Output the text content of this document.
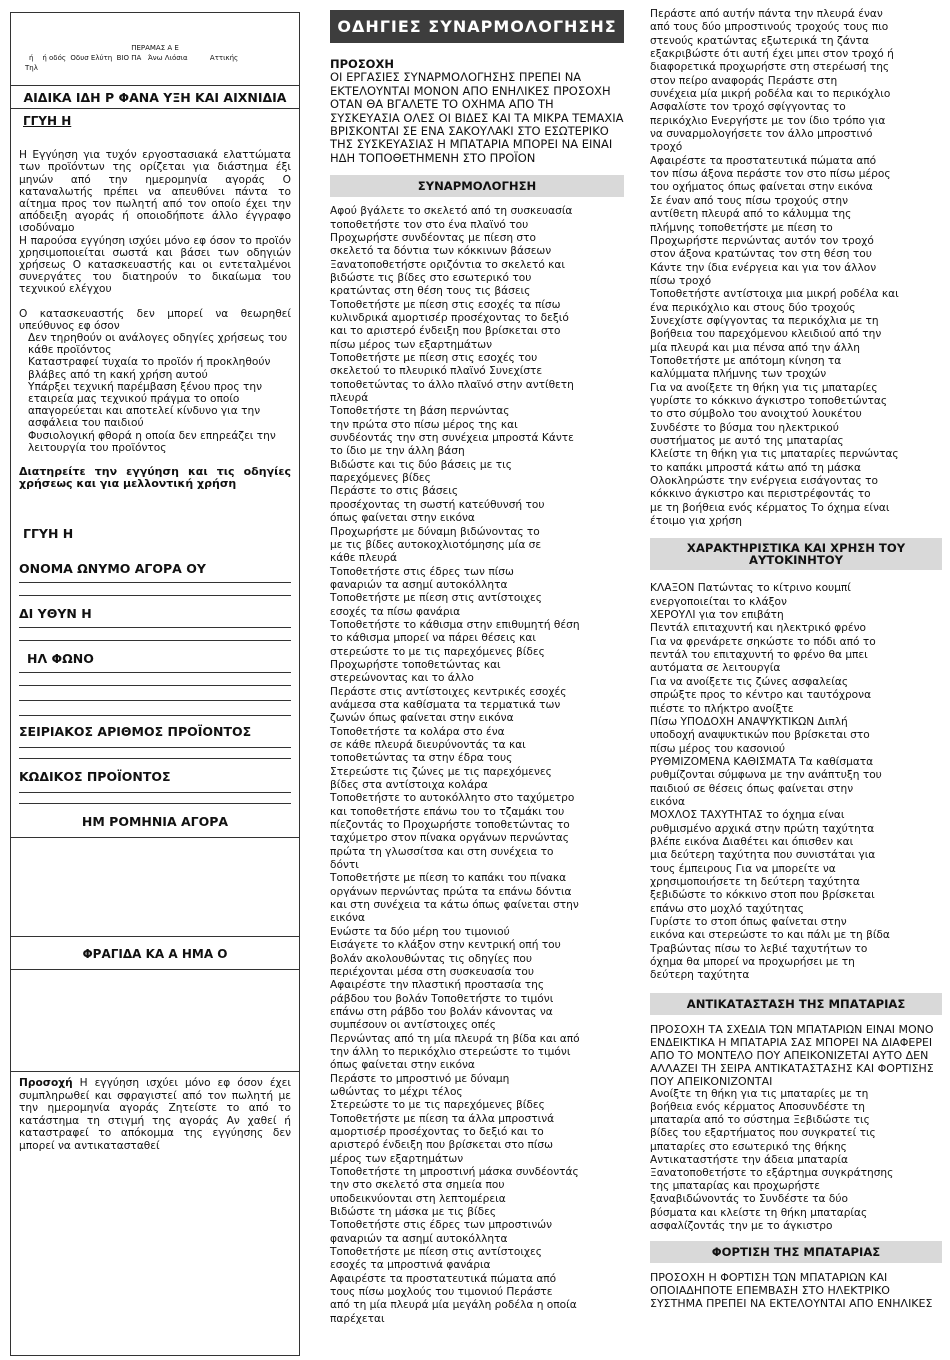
ΠΕΡΑΜΑΣ Α Ε
ή    ή οδός  Οδυσ Ελύτη  ΒΙΟ ΠΑ   Άνω Λιόσια          Αττικής
Τηλ
ΑΙΔΙΚΑ ΙΔΗ Ρ ΦΑΝΑ ΥΞΗ ΚΑΙ ΑΙΧΝΙΔΙΑ
ΓΓΥΗ Η

Η Εγγύηση για τυχόν εργοστασιακά ελαττώματα των προϊόντων της ορίζεται για διάστημα έξι μηνών από την ημερομηνία αγοράς Ο καταναλωτής πρέπει να απευθύνει πάντα το αίτημα προς τον πωλητή από τον οποίο έχει την απόδειξη αγοράς ή οποιοδήποτε άλλο έγγραφο ισοδύναμο

Η παρούσα εγγύηση ισχύει μόνο εφ όσον το προϊόν χρησιμοποιείται σωστά και βάσει των οδηγιών χρήσεως Ο κατασκευαστής και οι εντεταλμένοι συνεργάτες του διατηρούν το δικαίωμα του τεχνικού ελέγχου

Ο κατασκευαστής δεν μπορεί να θεωρηθεί υπεύθυνος εφ όσον

Δεν τηρηθούν οι ανάλογες οδηγίες χρήσεως του κάθε προϊόντος

Καταστραφεί τυχαία το προϊόν ή προκληθούν βλάβες από τη κακή χρήση αυτού

Υπάρξει τεχνική παρέμβαση ξένου προς την εταιρεία μας τεχνικού πράγμα το οποίο απαγορεύεται και αποτελεί κίνδυνο για την ασφάλεια του παιδιού

Φυσιολογική φθορά η οποία δεν επηρεάζει την λειτουργία του προϊόντος

Διατηρείτε την εγγύηση και τις οδηγίες χρήσεως και για μελλοντική χρήση

ΓΓΥΗ Η
ΟΝΟΜΑ ΩΝΥΜΟ ΑΓΟΡΑ ΟΥ
ΔΙ ΥΘΥΝ Η
ΗΛ ΦΩΝΟ
ΣΕΙΡΙΑΚΟΣ ΑΡΙΘΜΟΣ ΠΡΟΪΟΝΤΟΣ
ΚΩΔΙΚΟΣ ΠΡΟΪΟΝΤΟΣ
ΗΜ ΡΟΜΗΝΙΑ ΑΓΟΡΑ
ΦΡΑΓΙΔΑ ΚΑ Α ΗΜΑ Ο
Προσοχή Η εγγύηση ισχύει μόνο εφ όσον έχει συμπληρωθεί και σφραγιστεί από τον πωλητή με την ημερομηνία αγοράς Ζητείστε το από το κατάστημα τη στιγμή της αγοράς Αν χαθεί ή καταστραφεί το απόκομμα της εγγύησης δεν μπορεί να αντικατασταθεί
ΟΔΗΓΙΕΣ ΣΥΝΑΡΜΟΛΟΓΗΣΗΣ
ΠΡΟΣΟΧΗ
ΟΙ ΕΡΓΑΣΙΕΣ ΣΥΝΑΡΜΟΛΟΓΗΣΗΣ ΠΡΕΠΕΙ ΝΑ ΕΚΤΕΛΟΥΝΤΑΙ ΜΟΝΟΝ ΑΠΟ ΕΝΗΛΙΚΕΣ ΠΡΟΣΟΧΗ ΟΤΑΝ ΘΑ ΒΓΑΛΕΤΕ ΤΟ ΟΧΗΜΑ ΑΠΟ ΤΗ ΣΥΣΚΕΥΑΣΙΑ ΟΛΕΣ ΟΙ ΒΙΔΕΣ ΚΑΙ ΤΑ ΜΙΚΡΑ ΤΕΜΑΧΙΑ ΒΡΙΣΚΟΝΤΑΙ ΣΕ ΕΝΑ ΣΑΚΟΥΛΑΚΙ ΣΤΟ ΕΣΩΤΕΡΙΚΟ ΤΗΣ ΣΥΣΚΕΥΑΣΙΑΣ Η ΜΠΑΤΑΡΙΑ ΜΠΟΡΕΙ ΝΑ ΕΙΝΑΙ ΗΔΗ ΤΟΠΟΘΕΤΗΜΕΝΗ ΣΤΟ ΠΡΟΪΟΝ
ΣΥΝΑΡΜΟΛΟΓΗΣΗ
Αφού βγάλετε το σκελετό από τη συσκευασία
τοποθετήστε τον στο ένα πλαϊνό του
Προχωρήστε συνδέοντας με πίεση στο
σκελετό τα δόντια των κόκκινων βάσεων
Ξανατοποθετήστε οριζόντια το σκελετό και
βιδώστε τις βίδες στο εσωτερικό του
κρατώντας στη θέση τους τις βάσεις
Τοποθετήστε με πίεση στις εσοχές τα πίσω
κυλινδρικά αμορτισέρ προσέχοντας το δεξιό
και το αριστερό ένδειξη που βρίσκεται στο
πίσω μέρος των εξαρτημάτων
Τοποθετήστε με πίεση στις εσοχές του
σκελετού το πλευρικό πλαϊνό Συνεχίστε
τοποθετώντας το άλλο πλαϊνό στην αντίθετη
πλευρά
Τοποθετήστε τη βάση περνώντας
την πρώτα στο πίσω μέρος της και
συνδέοντάς την στη συνέχεια μπροστά Κάντε
το ίδιο με την άλλη βάση
Βιδώστε και τις δύο βάσεις με τις
παρεχόμενες βίδες
Περάστε το στις βάσεις
προσέχοντας τη σωστή κατεύθυνσή του
όπως φαίνεται στην εικόνα
Προχωρήστε με δύναμη βιδώνοντας το
με τις βίδες αυτοκοχλιοτόμησης μία σε
κάθε πλευρά
Τοποθετήστε στις έδρες των πίσω
φαναριών τα ασημί αυτοκόλλητα
Τοποθετήστε με πίεση στις αντίστοιχες
εσοχές τα πίσω φανάρια
Τοποθετήστε το κάθισμα στην επιθυμητή θέση
το κάθισμα μπορεί να πάρει θέσεις και
στερεώστε το με τις παρεχόμενες βίδες
Προχωρήστε τοποθετώντας και
στερεώνοντας και το άλλο
Περάστε στις αντίστοιχες κεντρικές εσοχές
ανάμεσα στα καθίσματα τα τερματικά των
ζωνών όπως φαίνεται στην εικόνα
Τοποθετήστε τα κολάρα στο ένα
σε κάθε πλευρά διευρύνοντάς τα και
τοποθετώντας τα στην έδρα τους
Στερεώστε τις ζώνες με τις παρεχόμενες
βίδες στα αντίστοιχα κολάρα
Τοποθετήστε το αυτοκόλλητο στο ταχύμετρο
και τοποθετήστε επάνω του το τζαμάκι του
πίεζοντάς το Προχωρήστε τοποθετώντας το
ταχύμετρο στον πίνακα οργάνων περνώντας
πρώτα τη γλωσσίτσα και στη συνέχεια το
δόντι
Τοποθετήστε με πίεση το καπάκι του πίνακα
οργάνων περνώντας πρώτα τα επάνω δόντια
και στη συνέχεια τα κάτω όπως φαίνεται στην
εικόνα
Ενώστε τα δύο μέρη του τιμονιού
Εισάγετε το κλάξον στην κεντρική οπή του
βολάν ακολουθώντας τις οδηγίες που
περιέχονται μέσα στη συσκευασία του
Αφαιρέστε την πλαστική προστασία της
ράβδου του βολάν Τοποθετήστε το τιμόνι
επάνω στη ράβδο του βολάν κάνοντας να
συμπέσουν οι αντίστοιχες οπές
Περνώντας από τη μία πλευρά τη βίδα και από
την άλλη το περικόχλιο στερεώστε το τιμόνι
όπως φαίνεται στην εικόνα
Περάστε το μπροστινό με δύναμη
ωθώντας το μέχρι τέλος
Στερεώστε το με τις παρεχόμενες βίδες
Τοποθετήστε με πίεση τα άλλα μπροστινά
αμορτισέρ προσέχοντας το δεξιό και το
αριστερό ένδειξη που βρίσκεται στο πίσω
μέρος των εξαρτημάτων
Τοποθετήστε τη μπροστινή μάσκα συνδέοντάς
την στο σκελετό στα σημεία που
υποδεικνύονται στη λεπτομέρεια
Βιδώστε τη μάσκα με τις βίδες
Τοποθετήστε στις έδρες των μπροστινών
φαναριών τα ασημί αυτοκόλλητα
Τοποθετήστε με πίεση στις αντίστοιχες
εσοχές τα μπροστινά φανάρια
Αφαιρέστε τα προστατευτικά πώματα από
τους πίσω μοχλούς του τιμονιού Περάστε
από τη μία πλευρά μία μεγάλη ροδέλα η οποία
παρέχεται
Περάστε από αυτήν πάντα την πλευρά έναν
από τους δύο μπροστινούς τροχούς τους πιο
στενούς κρατώντας εξωτερικά τη ζάντα
εξακριβώστε ότι αυτή έχει μπει στον τροχό ή
διαφορετικά προχωρήστε στη στερέωσή της
στον πείρο αναφοράς Περάστε στη
συνέχεια μία μικρή ροδέλα και το περικόχλιο
Ασφαλίστε τον τροχό σφίγγοντας το
περικόχλιο Ενεργήστε με τον ίδιο τρόπο για
να συναρμολογήσετε τον άλλο μπροστινό
τροχό
Αφαιρέστε τα προστατευτικά πώματα από
τον πίσω άξονα περάστε τον στο πίσω μέρος
του οχήματος όπως φαίνεται στην εικόνα
Σε έναν από τους πίσω τροχούς στην
αντίθετη πλευρά από το κάλυμμα της
πλήμνης τοποθετήστε με πίεση το
Προχωρήστε περνώντας αυτόν τον τροχό
στον άξονα κρατώντας τον στη θέση του
Κάντε την ίδια ενέργεια και για τον άλλον
πίσω τροχό
Τοποθετήστε αντίστοιχα μια μικρή ροδέλα και
ένα περικόχλιο και στους δύο τροχούς
Συνεχίστε σφίγγοντας τα περικόχλια με τη
βοήθεια του παρεχόμενου κλειδιού από την
μία πλευρά και μια πένσα από την άλλη
Τοποθετήστε με απότομη κίνηση τα
καλύμματα πλήμνης των τροχών
Για να ανοίξετε τη θήκη για τις μπαταρίες
γυρίστε το κόκκινο άγκιστρο τοποθετώντας
το στο σύμβολο του ανοιχτού λουκέτου
Συνδέστε το βύσμα του ηλεκτρικού
συστήματος με αυτό της μπαταρίας
Κλείστε τη θήκη για τις μπαταρίες περνώντας
το καπάκι μπροστά κάτω από τη μάσκα
Ολοκληρώστε την ενέργεια εισάγοντας το
κόκκινο άγκιστρο και περιστρέφοντάς το
με τη βοήθεια ενός κέρματος Το όχημα είναι
έτοιμο για χρήση
ΧΑΡΑΚΤΗΡΙΣΤΙΚΑ ΚΑΙ ΧΡΗΣΗ ΤΟΥ ΑΥΤΟΚΙΝΗΤΟΥ
ΚΛΑΞΟΝ Πατώντας το κίτρινο κουμπί
ενεργοποιείται το κλάξον
ΧΕΡΟΥΛΙ για τον επιβάτη
Πεντάλ επιταχυντή και ηλεκτρικό φρένο
Για να φρενάρετε σηκώστε το πόδι από το
πεντάλ του επιταχυντή το φρένο θα μπει
αυτόματα σε λειτουργία
Για να ανοίξετε τις ζώνες ασφαλείας
σπρώξτε προς το κέντρο και ταυτόχρονα
πιέστε το πλήκτρο ανοίξτε
Πίσω ΥΠΟΔΟΧΗ ΑΝΑΨΥΚΤΙΚΩΝ Διπλή
υποδοχή αναψυκτικών που βρίσκεται στο
πίσω μέρος του κασονιού
ΡΥΘΜΙΖΟΜΕΝΑ ΚΑΘΙΣΜΑΤΑ Τα καθίσματα
ρυθμίζονται σύμφωνα με την ανάπτυξη του
παιδιού σε θέσεις όπως φαίνεται στην
εικόνα
ΜΟΧΛΟΣ ΤΑΧΥΤΗΤΑΣ το όχημα είναι
ρυθμισμένο αρχικά στην πρώτη ταχύτητα
βλέπε εικόνα Διαθέτει και όπισθεν και
μια δεύτερη ταχύτητα που συνιστάται για
τους έμπειρους Για να μπορείτε να
χρησιμοποιήσετε τη δεύτερη ταχύτητα
ξεβιδώστε το κόκκινο στοπ που βρίσκεται
επάνω στο μοχλό ταχύτητας
Γυρίστε το στοπ όπως φαίνεται στην
εικόνα και στερεώστε το και πάλι με τη βίδα
Τραβώντας πίσω το λεβιέ ταχυτήτων το
όχημα θα μπορεί να προχωρήσει με τη
δεύτερη ταχύτητα
ΑΝΤΙΚΑΤΑΣΤΑΣΗ ΤΗΣ ΜΠΑΤΑΡΙΑΣ
ΠΡΟΣΟΧΗ ΤΑ ΣΧΕΔΙΑ ΤΩΝ ΜΠΑΤΑΡΙΩΝ ΕΙΝΑΙ ΜΟΝΟ ΕΝΔΕΙΚΤΙΚΑ Η ΜΠΑΤΑΡΙΑ ΣΑΣ ΜΠΟΡΕΙ ΝΑ ΔΙΑΦΕΡΕΙ ΑΠΟ ΤΟ ΜΟΝΤΕΛΟ ΠΟΥ ΑΠΕΙΚΟΝΙΖΕΤΑΙ ΑΥΤΟ ΔΕΝ ΑΛΛΑΖΕΙ ΤΗ ΣΕΙΡΑ ΑΝΤΙΚΑΤΑΣΤΑΣΗΣ ΚΑΙ ΦΟΡΤΙΣΗΣ ΠΟΥ ΑΠΕΙΚΟΝΙΖΟΝΤΑΙ
Ανοίξτε τη θήκη για τις μπαταρίες με τη
βοήθεια ενός κέρματος Αποσυνδέστε τη
μπαταρία από το σύστημα Ξεβιδώστε τις
βίδες του εξαρτήματος που συγκρατεί τις
μπαταρίες στο εσωτερικό της θήκης
Αντικαταστήστε την άδεια μπαταρία
Ξανατοποθετήστε το εξάρτημα συγκράτησης
της μπαταρίας και προχωρήστε
ξαναβιδώνοντάς το Συνδέστε τα δύο
βύσματα και κλείστε τη θήκη μπαταρίας
ασφαλίζοντάς την με το άγκιστρο
ΦΟΡΤΙΣΗ ΤΗΣ ΜΠΑΤΑΡΙΑΣ
ΠΡΟΣΟΧΗ Η ΦΟΡΤΙΣΗ ΤΩΝ ΜΠΑΤΑΡΙΩΝ ΚΑΙ ΟΠΟΙΑΔΗΠΟΤΕ ΕΠΕΜΒΑΣΗ ΣΤΟ ΗΛΕΚΤΡΙΚΟ ΣΥΣΤΗΜΑ ΠΡΕΠΕΙ ΝΑ ΕΚΤΕΛΟΥΝΤΑΙ ΑΠΟ ΕΝΗΛΙΚΕΣ
